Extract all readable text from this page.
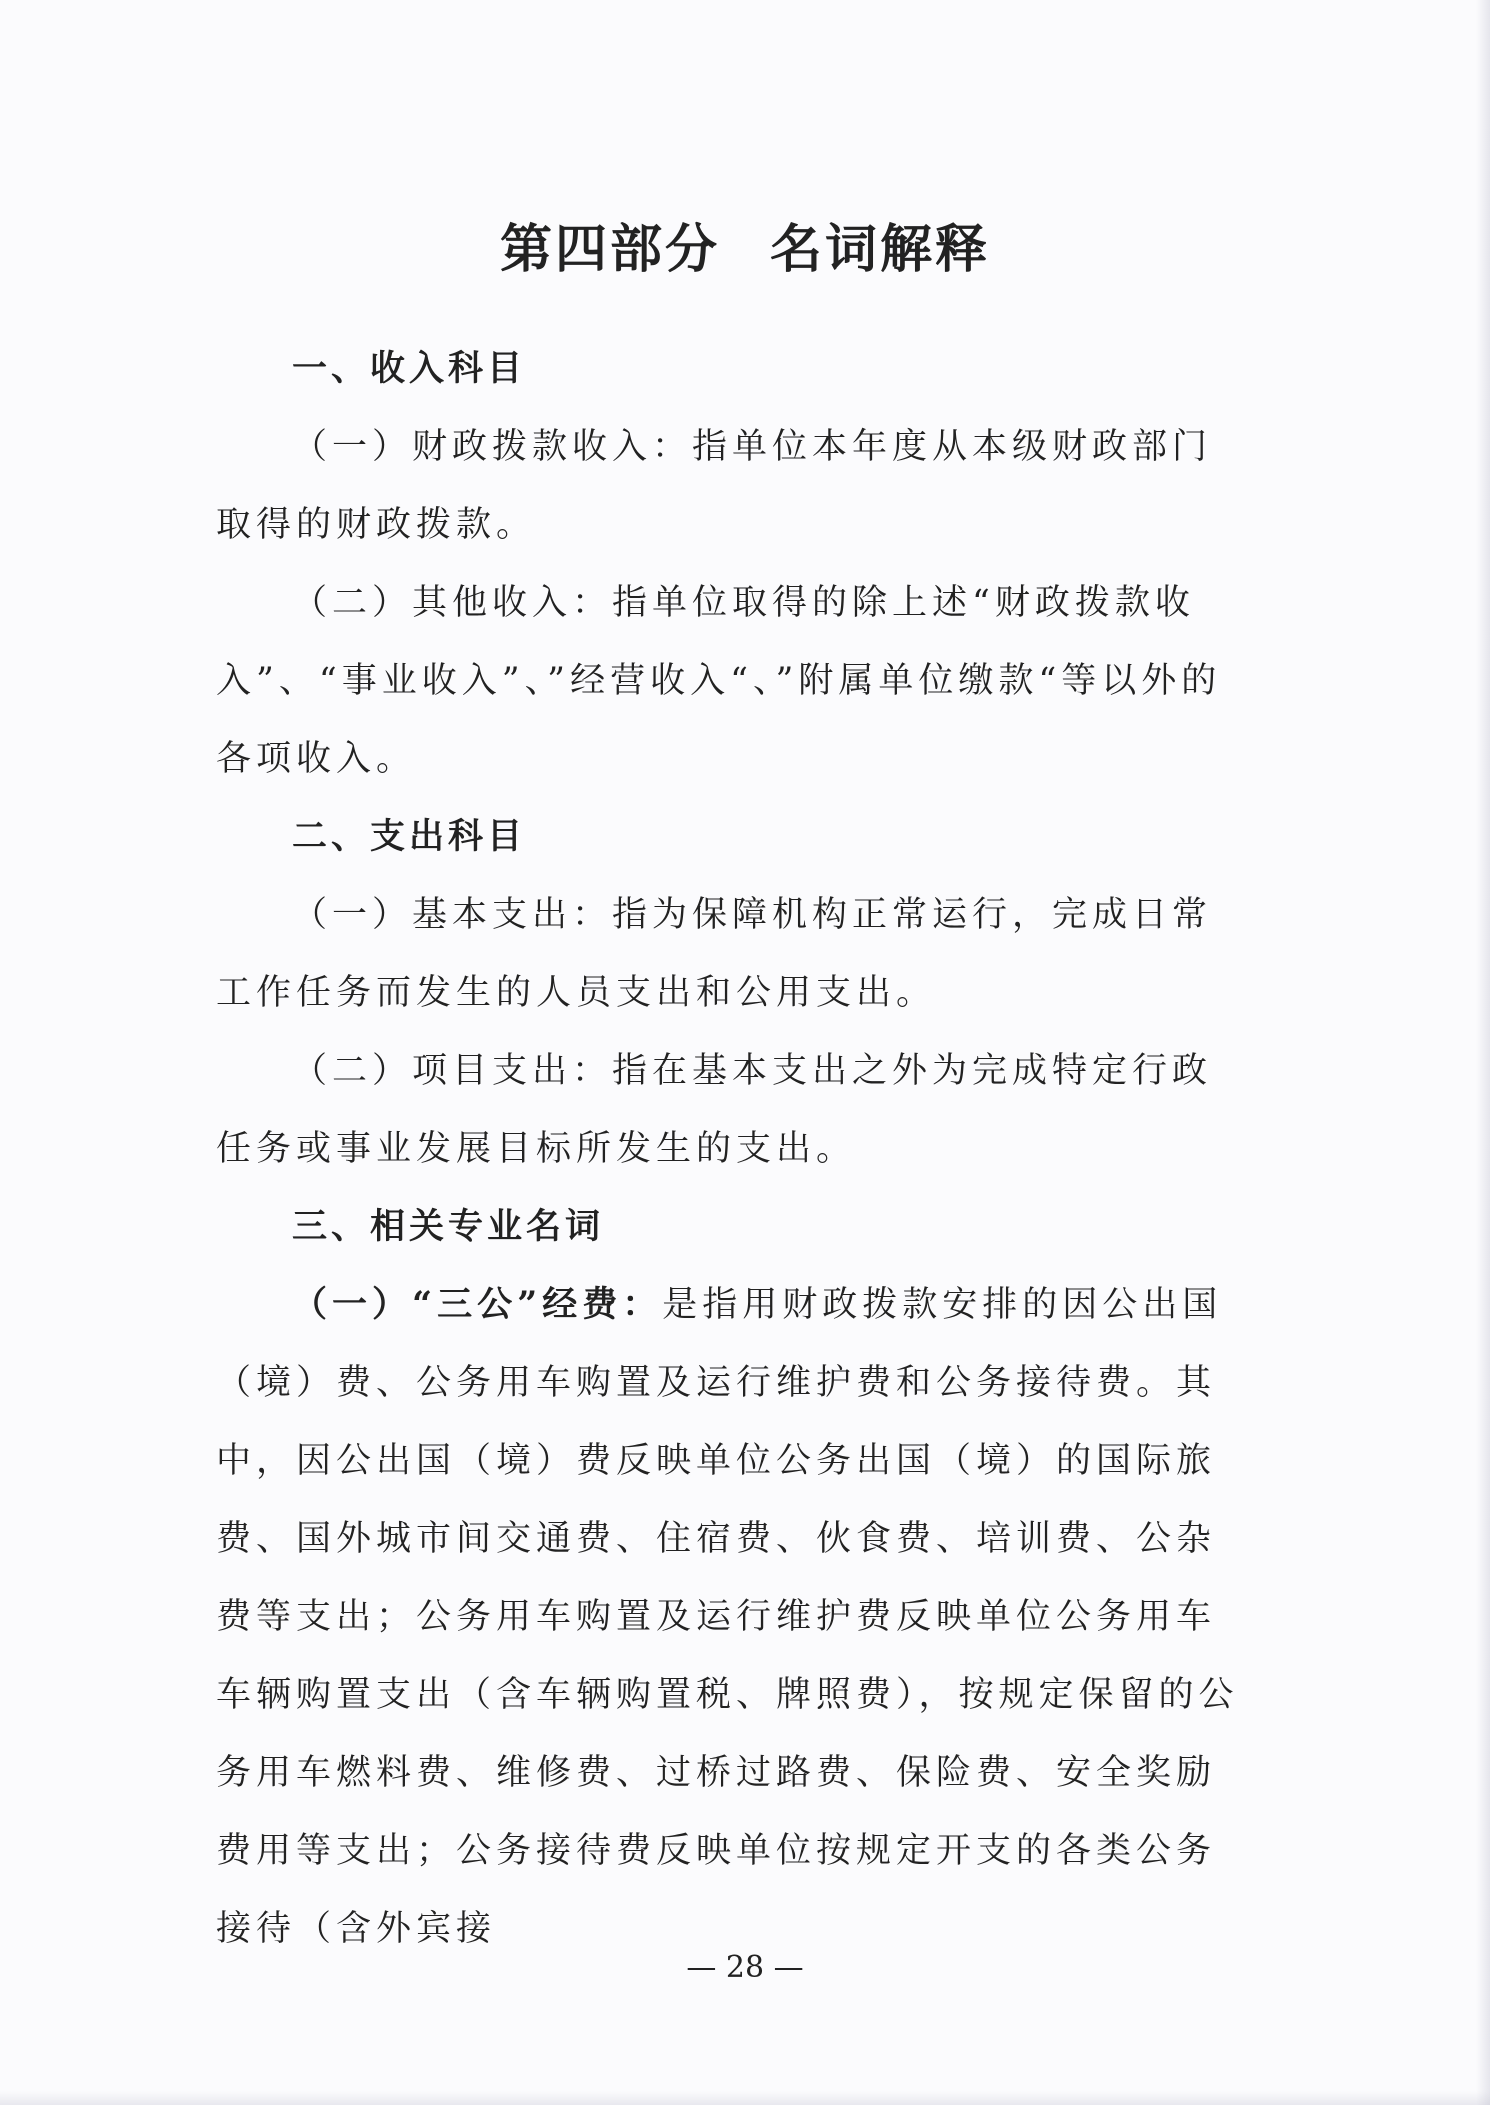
第四部分 名词解释
一、收入科目

（一）财政拨款收入：指单位本年度从本级财政部门取得的财政拨款。

（二）其他收入：指单位取得的除上述“财政拨款收入”、“事业收入”、”经营收入“、”附属单位缴款“等以外的各项收入。

二、支出科目

（一）基本支出：指为保障机构正常运行，完成日常工作任务而发生的人员支出和公用支出。

（二）项目支出：指在基本支出之外为完成特定行政任务或事业发展目标所发生的支出。

三、相关专业名词

（一）“三公”经费：是指用财政拨款安排的因公出国（境）费、公务用车购置及运行维护费和公务接待费。其中，因公出国（境）费反映单位公务出国（境）的国际旅费、国外城市间交通费、住宿费、伙食费、培训费、公杂费等支出；公务用车购置及运行维护费反映单位公务用车车辆购置支出（含车辆购置税、牌照费），按规定保留的公务用车燃料费、维修费、过桥过路费、保险费、安全奖励费用等支出；公务接待费反映单位按规定开支的各类公务接待（含外宾接

— 28 —
